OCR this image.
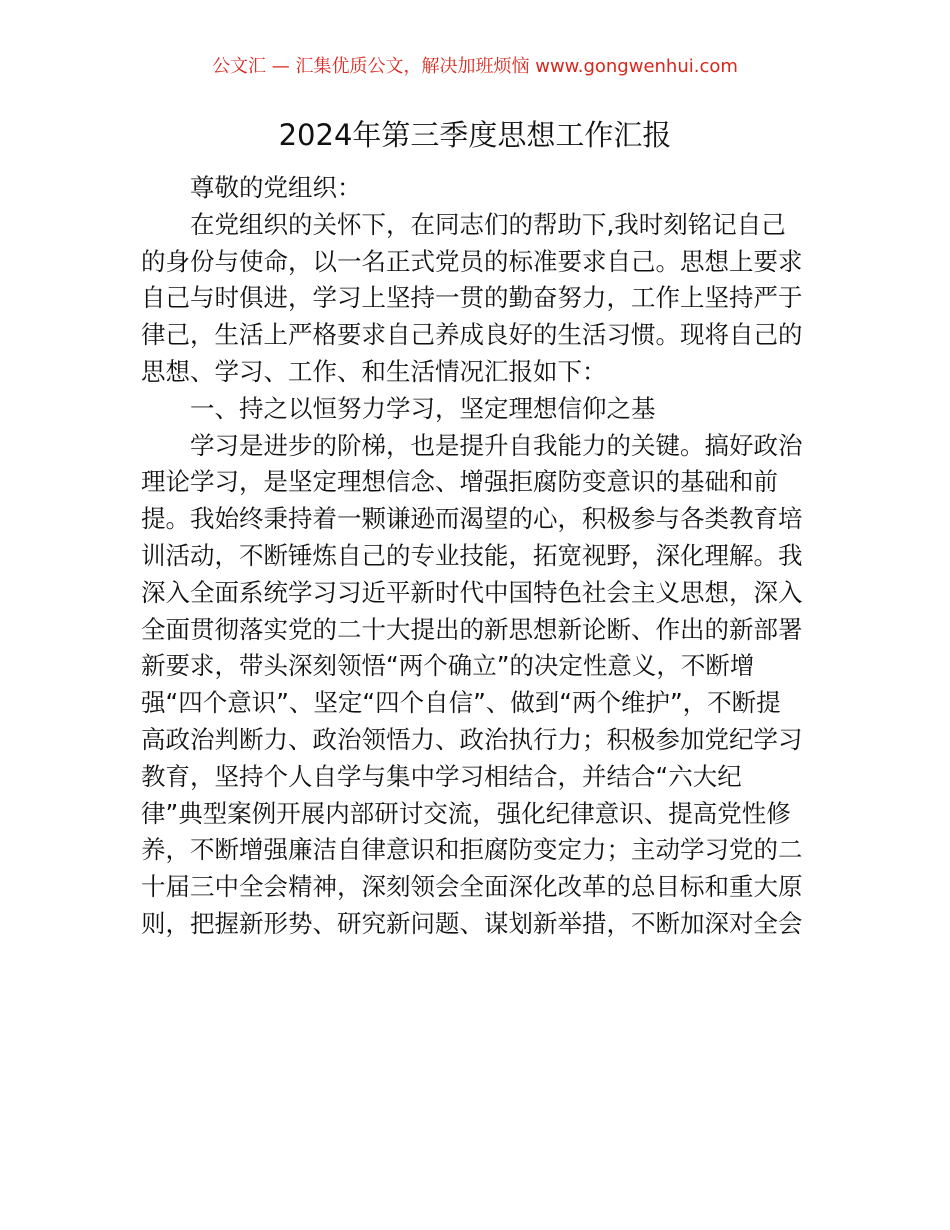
公文汇 — 汇集优质公文，解决加班烦恼 www.gongwenhui.com
2024年第三季度思想工作汇报
尊敬的党组织：
在党组织的关怀下，在同志们的帮助下,我时刻铭记自己
的身份与使命，以一名正式党员的标准要求自己。思想上要求
自己与时俱进，学习上坚持一贯的勤奋努力，工作上坚持严于
律己，生活上严格要求自己养成良好的生活习惯。现将自己的
思想、学习、工作、和生活情况汇报如下：
一、持之以恒努力学习，坚定理想信仰之基
学习是进步的阶梯，也是提升自我能力的关键。搞好政治
理论学习，是坚定理想信念、增强拒腐防变意识的基础和前
提。我始终秉持着一颗谦逊而渴望的心，积极参与各类教育培
训活动，不断锤炼自己的专业技能，拓宽视野，深化理解。我
深入全面系统学习习近平新时代中国特色社会主义思想，深入
全面贯彻落实党的二十大提出的新思想新论断、作出的新部署
新要求，带头深刻领悟“两个确立”的决定性意义，不断增
强“四个意识”、坚定“四个自信”、做到“两个维护”，不断提
高政治判断力、政治领悟力、政治执行力；积极参加党纪学习
教育，坚持个人自学与集中学习相结合，并结合“六大纪
律”典型案例开展内部研讨交流，强化纪律意识、提高党性修
养，不断增强廉洁自律意识和拒腐防变定力；主动学习党的二
十届三中全会精神，深刻领会全面深化改革的总目标和重大原
则，把握新形势、研究新问题、谋划新举措，不断加深对全会
